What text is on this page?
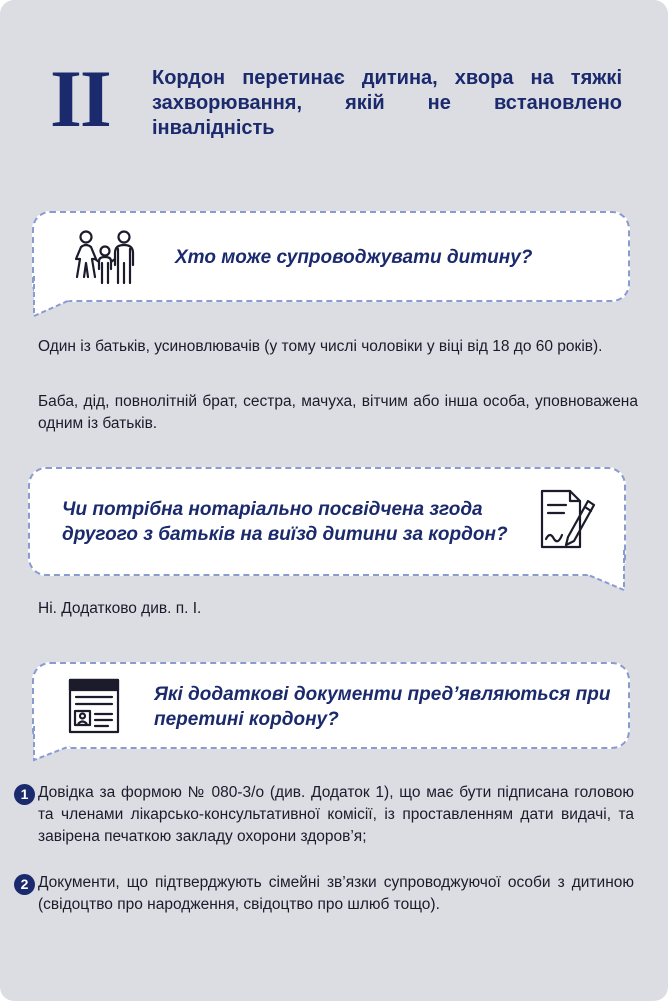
II Кордон перетинає дитина, хвора на тяжкі захворювання, якій не встановлено інвалідність
Хто може супроводжувати дитину?
Один із батьків, усиновлювачів (у тому числі чоловіки у віці від 18 до 60 років).
Баба, дід, повнолітній брат, сестра, мачуха, вітчим або інша особа, уповноважена одним із батьків.
Чи потрібна нотаріально посвідчена згода другого з батьків на виїзд дитини за кордон?
Ні. Додатково див. п. І.
Які додаткові документи пред’являються при перетині кордону?
1 Довідка за формою № 080-3/о (див. Додаток 1), що має бути підписана головою та членами лікарсько-консультативної комісії, із проставленням дати видачі, та завірена печаткою закладу охорони здоров’я;
2 Документи, що підтверджують сімейні зв’язки супроводжуючої особи з дитиною (свідоцтво про народження, свідоцтво про шлюб тощо).
